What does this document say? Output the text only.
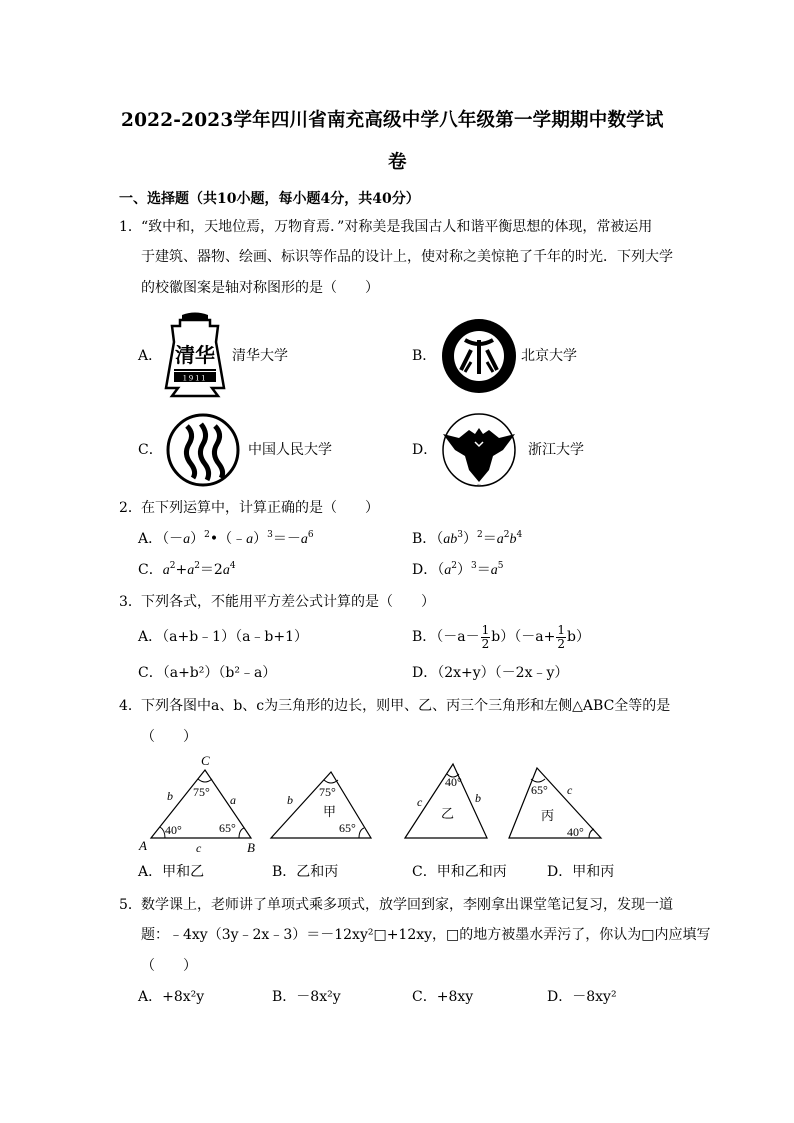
2022-2023学年四川省南充高级中学八年级第一学期期中数学试
卷
一、选择题（共10小题，每小题4分，共40分）
1． “致中和，天地位焉，万物育焉．”对称美是我国古人和谐平衡思想的体现，常被运用
于建筑、器物、绘画、标识等作品的设计上，使对称之美惊艳了千年的时光．下列大学
的校徽图案是轴对称图形的是（　　）
A． 清华
1911
清华大学	B．
北大
北京大学
C．
人民
中国人民大学	D．
浙大
浙江大学
2． 在下列运算中，计算正确的是（　　）
A．$(-a)^2•(﹣a)^3=-a^6$	B．$(ab^3)^2=a^2b^4$
C．$a^2+a^2=2a^4$	D．$(a^2)^3=a^5$
3． 下列各式，不能用平方差公式计算的是（　　）
A．（a+b﹣1）（a﹣b+1）	B．$(-a- \frac{1}{2} b)(-a+ \frac{1}{2} b)$
C．（a+b²）（b²﹣a）	D．（2x+y）（－2x﹣y）
4． 下列各图中a、b、c为三角形的边长，则甲、乙、丙三个三角形和左侧△ABC全等的是
（　　）
C
A	B
b	a
c
75°
40°	65°
b
75°
甲
65°
40°
c	b
乙
65° c
丙
40°
A．甲和乙	B．乙和丙	C．甲和乙和丙	D．甲和丙
5． 数学课上，老师讲了单项式乘多项式，放学回到家，李刚拿出课堂笔记复习，发现一道
题：﹣4xy（3y﹣2x﹣3）＝－12xy²□+12xy，□的地方被墨水弄污了，你认为□内应填写
（　　）
A．+8x²y	B．－8x²y	C．+8xy	D．－8xy²
